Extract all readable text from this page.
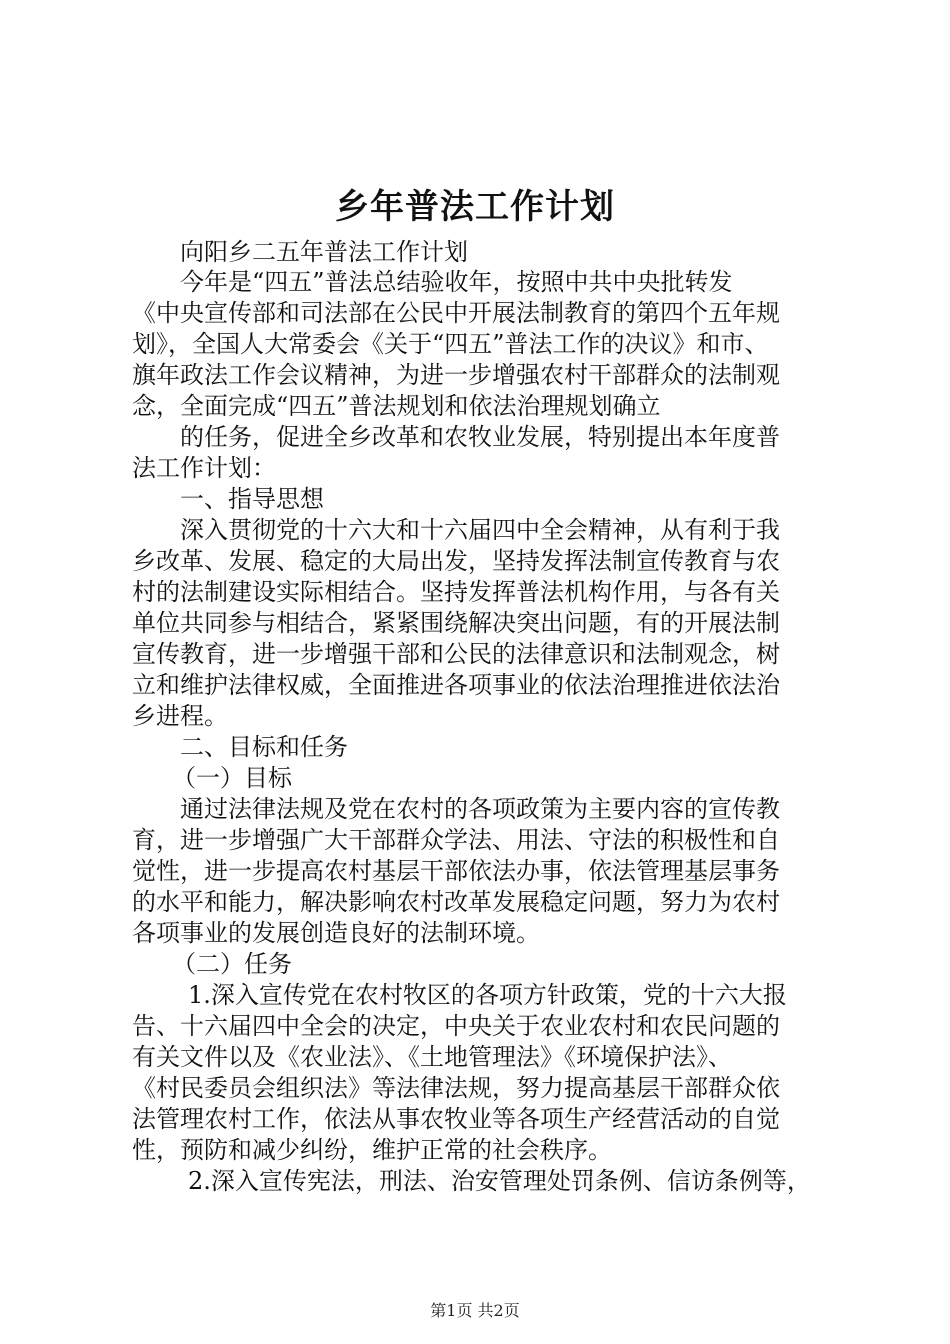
乡年普法工作计划
向阳乡二五年普法工作计划
今年是“四五”普法总结验收年，按照中共中央批转发
《中央宣传部和司法部在公民中开展法制教育的第四个五年规
划》，全国人大常委会《关于“四五”普法工作的决议》和市、
旗年政法工作会议精神，为进一步增强农村干部群众的法制观
念，全面完成“四五”普法规划和依法治理规划确立
的任务，促进全乡改革和农牧业发展，特别提出本年度普
法工作计划：
一、指导思想
深入贯彻党的十六大和十六届四中全会精神，从有利于我
乡改革、发展、稳定的大局出发，坚持发挥法制宣传教育与农
村的法制建设实际相结合。坚持发挥普法机构作用，与各有关
单位共同参与相结合，紧紧围绕解决突出问题，有的开展法制
宣传教育，进一步增强干部和公民的法律意识和法制观念，树
立和维护法律权威，全面推进各项事业的依法治理推进依法治
乡进程。
二、目标和任务
（一）目标
通过法律法规及党在农村的各项政策为主要内容的宣传教
育，进一步增强广大干部群众学法、用法、守法的积极性和自
觉性，进一步提高农村基层干部依法办事，依法管理基层事务
的水平和能力，解决影响农村改革发展稳定问题，努力为农村
各项事业的发展创造良好的法制环境。
（二）任务
1.深入宣传党在农村牧区的各项方针政策，党的十六大报
告、十六届四中全会的决定，中央关于农业农村和农民问题的
有关文件以及《农业法》、《土地管理法》《环境保护法》、
《村民委员会组织法》等法律法规，努力提高基层干部群众依
法管理农村工作，依法从事农牧业等各项生产经营活动的自觉
性，预防和减少纠纷，维护正常的社会秩序。
2.深入宣传宪法，刑法、治安管理处罚条例、信访条例等，
第1页 共2页
